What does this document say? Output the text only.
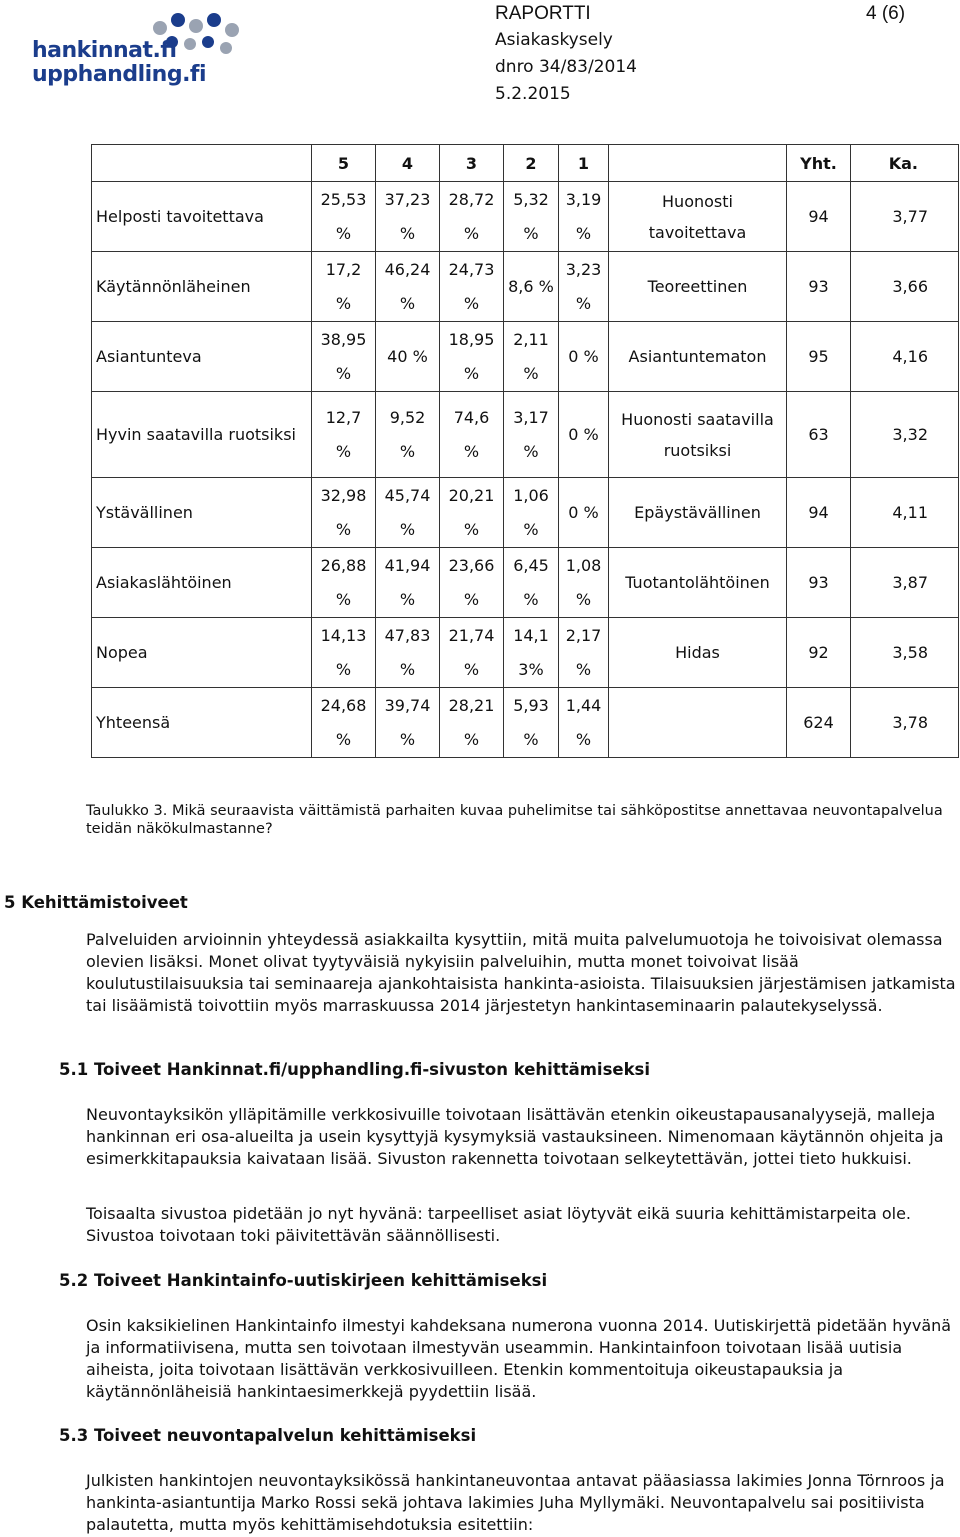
hankinnat.fi
upphandling.fi
RAPORTTI
Asiakaskysely
dnro 34/83/2014
5.2.2015
4 (6)
	5	4	3	2	1		Yht.	Ka.
Helposti tavoitettava	25,53 %	37,23 %	28,72 %	5,32 %	3,19 %	Huonosti tavoitettava	94	3,77
Käytännönläheinen	17,2 %	46,24 %	24,73 %	8,6 %	3,23 %	Teoreettinen	93	3,66
Asiantunteva	38,95 %	40 %	18,95 %	2,11 %	0 %	Asiantuntematon	95	4,16
Hyvin saatavilla ruotsiksi	12,7 %	9,52 %	74,6 %	3,17 %	0 %	Huonosti saatavilla ruotsiksi	63	3,32
Ystävällinen	32,98 %	45,74 %	20,21 %	1,06 %	0 %	Epäystävällinen	94	4,11
Asiakaslähtöinen	26,88 %	41,94 %	23,66 %	6,45 %	1,08 %	Tuotantolähtöinen	93	3,87
Nopea	14,13 %	47,83 %	21,74 %	14,1 3%	2,17 %	Hidas	92	3,58
Yhteensä	24,68 %	39,74 %	28,21 %	5,93 %	1,44 %		624	3,78
Taulukko 3. Mikä seuraavista väittämistä parhaiten kuvaa puhelimitse tai sähköpostitse annettavaa neuvontapalvelua teidän näkökulmastanne?
5 Kehittämistoiveet
Palveluiden arvioinnin yhteydessä asiakkailta kysyttiin, mitä muita palvelumuotoja he toivoisivat olemassa olevien lisäksi. Monet olivat tyytyväisiä nykyisiin palveluihin, mutta monet toivoivat lisää koulutustilaisuuksia tai seminaareja ajankohtaisista hankinta-asioista. Tilaisuuksien järjestämisen jatkamista tai lisäämistä toivottiin myös marraskuussa 2014 järjestetyn hankintaseminaarin palautekyselyssä.
5.1 Toiveet Hankinnat.fi/upphandling.fi-sivuston kehittämiseksi
Neuvontayksikön ylläpitämille verkkosivuille toivotaan lisättävän etenkin oikeustapausanalyysejä, malleja hankinnan eri osa-alueilta ja usein kysyttyjä kysymyksiä vastauksineen. Nimenomaan käytännön ohjeita ja esimerkkitapauksia kaivataan lisää. Sivuston rakennetta toivotaan selkeytettävän, jottei tieto hukkuisi.
Toisaalta sivustoa pidetään jo nyt hyvänä: tarpeelliset asiat löytyvät eikä suuria kehittämistarpeita ole. Sivustoa toivotaan toki päivitettävän säännöllisesti.
5.2 Toiveet Hankintainfo-uutiskirjeen kehittämiseksi
Osin kaksikielinen Hankintainfo ilmestyi kahdeksana numerona vuonna 2014. Uutiskirjettä pidetään hyvänä ja informatiivisena, mutta sen toivotaan ilmestyvän useammin. Hankintainfoon toivotaan lisää uutisia aiheista, joita toivotaan lisättävän verkkosivuilleen. Etenkin kommentoituja oikeustapauksia ja käytännönläheisiä hankintaesimerkkejä pyydettiin lisää.
5.3 Toiveet neuvontapalvelun kehittämiseksi
Julkisten hankintojen neuvontayksikössä hankintaneuvontaa antavat pääasiassa lakimies Jonna Törnroos ja hankinta-asiantuntija Marko Rossi sekä johtava lakimies Juha Myllymäki. Neuvontapalvelu sai positiivista palautetta, mutta myös kehittämisehdotuksia esitettiin:
